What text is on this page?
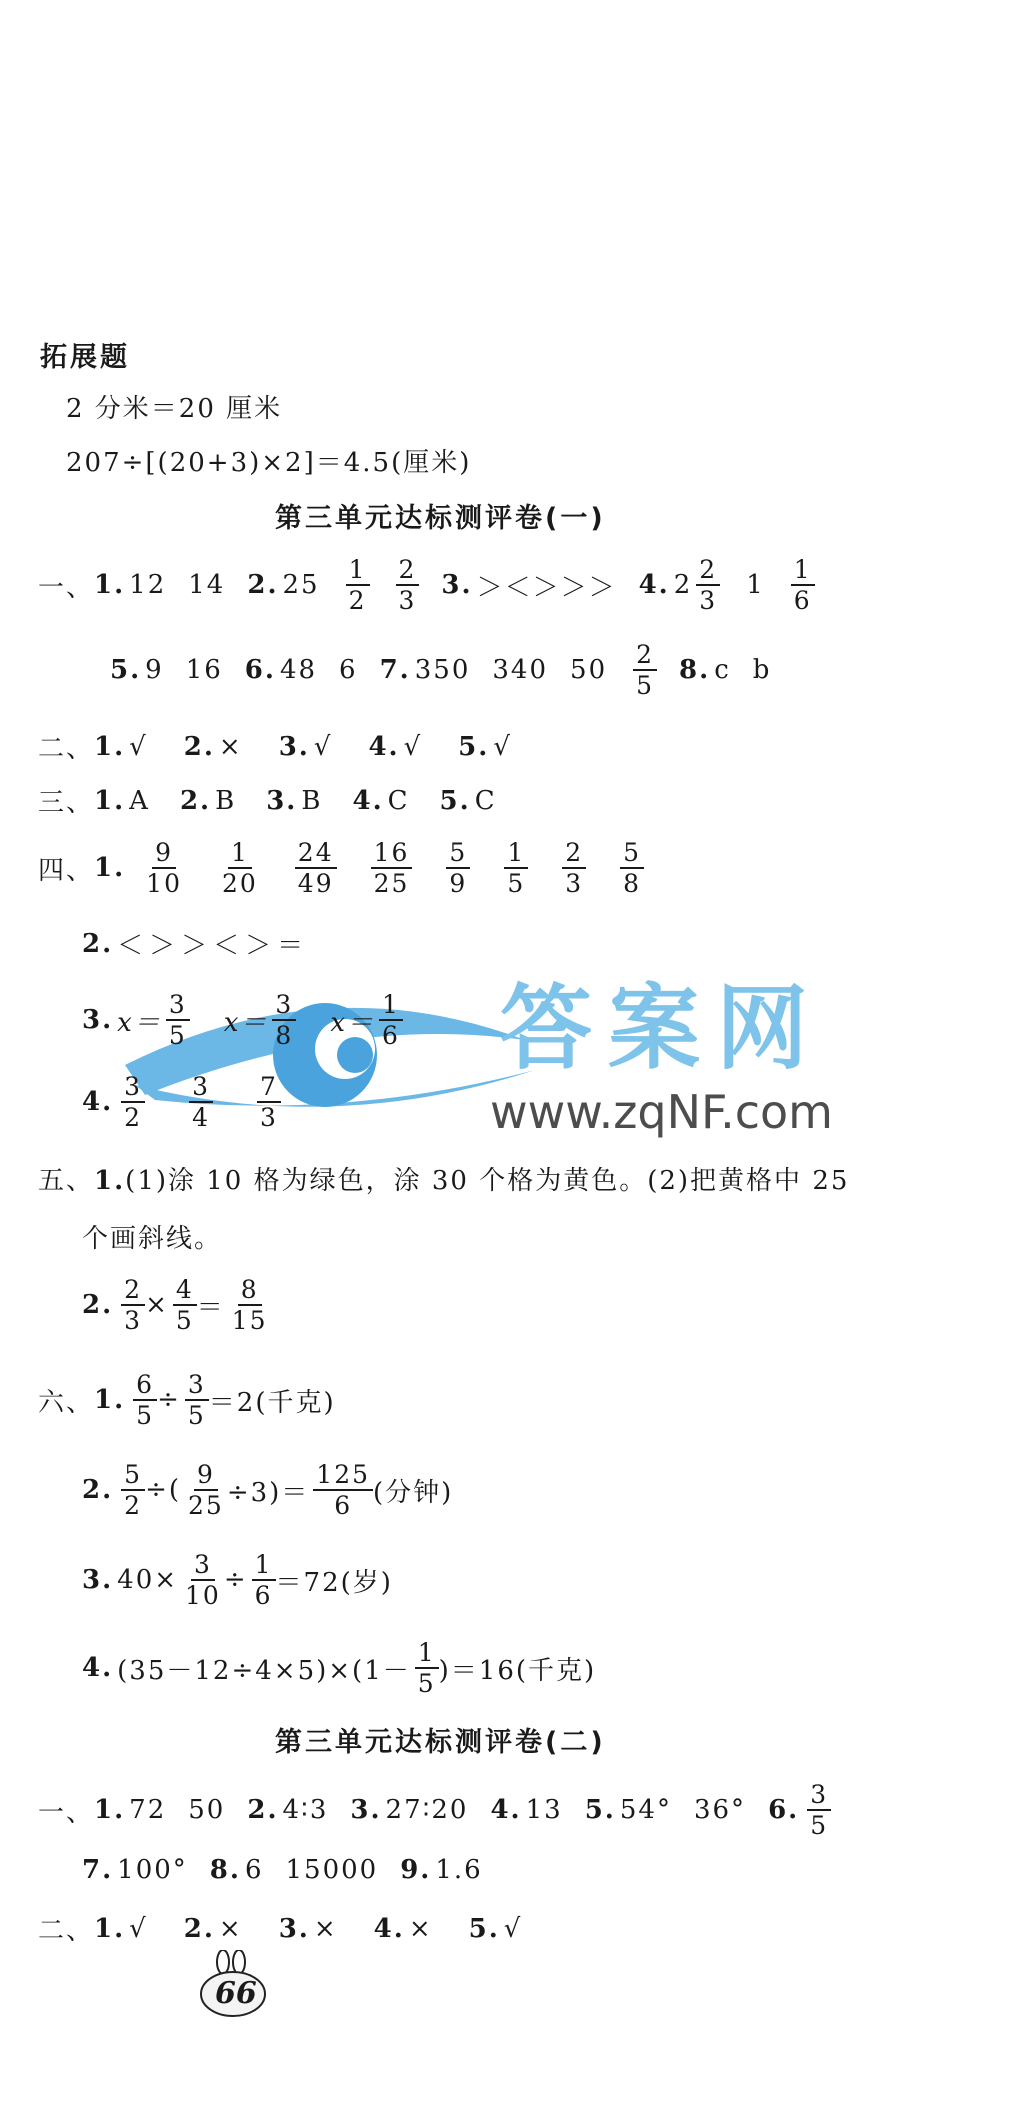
拓展题
2 分米＝20 厘米
207÷[(20+3)×2]＝4.5(厘米)
第三单元达标测评卷(一)
一、 1. 12 14 2. $25 \frac{1}{2} \frac{2}{3} 3$. ＞＜＞＞＞ 4. $2 \frac{2}{3} 1 \frac{1}{6}$
5. 9 16 6. 48 6 7. 350 340 $50 \frac{2}{5} 8$. c b
二、 1. √ 2. × 3. √ 4. √ 5. √
三、 1. A 2. B 3. B 4. C 5. C
四、 1. $\frac{9}{10} \frac{1}{20} \frac{24}{49} \frac{16}{25} \frac{5}{9} \frac{1}{5} \frac{2}{3} \frac{5}{8}$
答案网
www.zqNF.com
2. ＜＞＞＜＞＝
3. $x= \frac{3}{5} x= \frac{3}{8} x= \frac{1}{6}$
4. $\frac{3}{2} \frac{3}{4} \frac{7}{3}$
五、1.(1)涂 10 格为绿色，涂 30 个格为黄色。(2)把黄格中 25
个画斜线。
2. $\frac{2}{3} \times \frac{4}{5} = \frac{8}{15}$
六、 1. $\frac{6}{5} \div \frac{3}{5} =2$(千克)
2. $\frac{5}{2}$ ÷( $\frac{9}{25} \div 3)= \frac{125}{6}$ (分钟)
3. $40\times \frac{3}{10} \div \frac{1}{6} =72$(岁)
4. $(35-12\div 4\times 5)\times(1- \frac{1}{5} )=16$(千克)
第三单元达标测评卷(二)
一、 1. 72 50 2. 4∶3 3. 27∶20 4. 13 5. 54° 36° 6. $\frac{3}{5}$
7. 100° 8. 6 15000 9. 1.6
二、 1. √ 2. × 3. × 4. × 5. √
66
